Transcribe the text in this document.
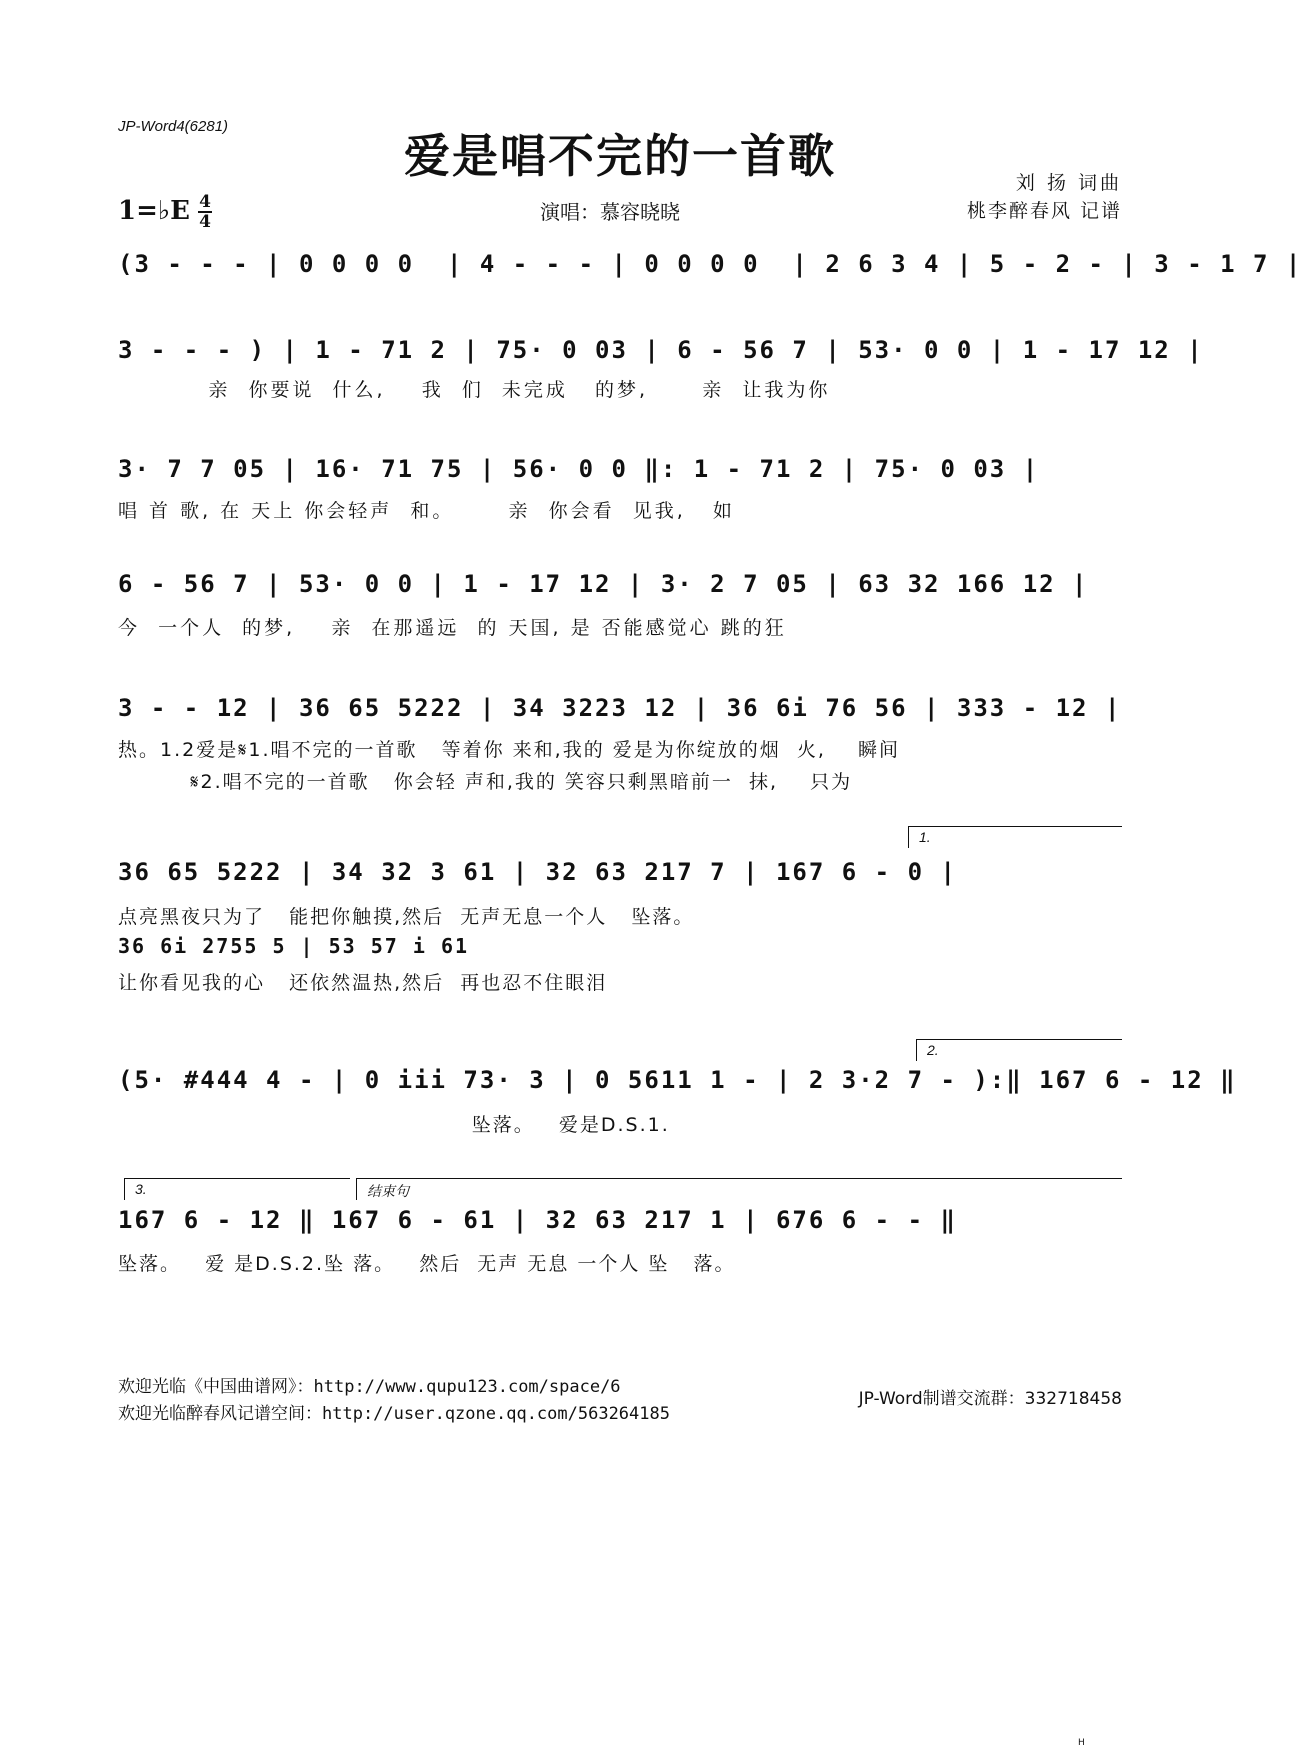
JP-Word4(6281)
爱是唱不完的一首歌
1=♭E 4
4	演唱：慕容晓晓
刘 扬 词曲
桃李醉春风 记谱
(3 - - - | 0 0 0 0  | 4 - - - | 0 0 0 0  | 2 6 3 4 | 5 - 2 - | 3 - 1 7 |
3 - - - ) | 1 - 71 2 | 75· 0 03 | 6 - 56 7 | 53· 0 0 | 1 - 17 12 |
亲  你要说  什么,    我  们  未完成   的梦,      亲  让我为你
3· 7 7 05 | 16· 71 75 | 56· 0 0 ‖: 1 - 71 2 | 75· 0 03 |
唱 首 歌, 在 天上 你会轻声  和。      亲  你会看  见我,   如
6 - 56 7 | 53· 0 0 | 1 - 17 12 | 3· 2 7 05 | 63 32 166 12 |
今  一个人  的梦,    亲  在那遥远  的 天国, 是 否能感觉心 跳的狂
3 - - 12 | 36 65 5222 | 34 3223 12 | 36 6i 76 56 | 333 - 12 |
热。1.2爱是𝄋1.唱不完的一首歌   等着你 来和,我的 爱是为你绽放的烟  火,    瞬间
𝄋2.唱不完的一首歌   你会轻 声和,我的 笑容只剩黑暗前一  抹,    只为
1.
36 65 5222 | 34 32 3 61 | 32 63 217 7 | 167 6 - 0 |
点亮黑夜只为了   能把你触摸,然后  无声无息一个人   坠落。
36 6i 2755 5 | 53 57 i 61
让你看见我的心   还依然温热,然后  再也忍不住眼泪
2.
(5· #444 4 - | 0 iii 73· 3 | 0 5611 1 - | 2 3·2 7 - ):‖ 167 6 - 12 ‖
坠落。   爱是D.S.1.
3.	结束句
167 6 - 12 ‖ 167 6 - 61 | 32 63 217 1 | 676 6 - - ‖
坠落。   爱 是D.S.2.坠 落。   然后  无声 无息 一个人 坠   落。
欢迎光临《中国曲谱网》：http://www.qupu123.com/space/6
欢迎光临醉春风记谱空间：http://user.qzone.qq.com/563264185
JP-Word制谱交流群：332718458
H
